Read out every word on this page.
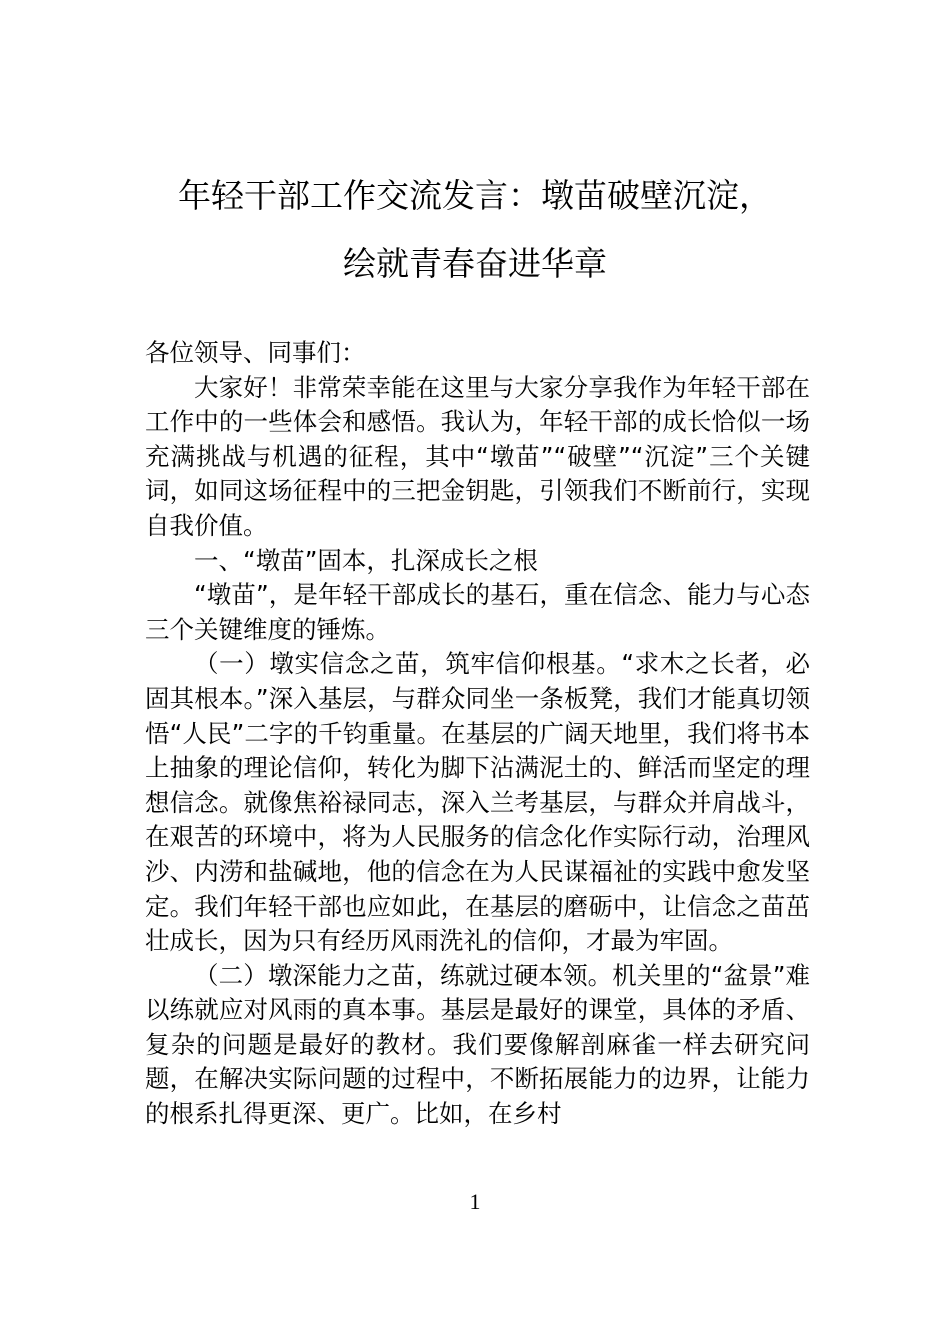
年轻干部工作交流发言：墩苗破壁沉淀，
绘就青春奋进华章

各位领导、同事们：

大家好！非常荣幸能在这里与大家分享我作为年轻干部在工作中的一些体会和感悟。我认为，年轻干部的成长恰似一场充满挑战与机遇的征程，其中“墩苗”“破壁”“沉淀”三个关键词，如同这场征程中的三把金钥匙，引领我们不断前行，实现自我价值。

一、“墩苗”固本，扎深成长之根

“墩苗”，是年轻干部成长的基石，重在信念、能力与心态三个关键维度的锤炼。

（一）墩实信念之苗，筑牢信仰根基。“求木之长者，必固其根本。”深入基层，与群众同坐一条板凳，我们才能真切领悟“人民”二字的千钧重量。在基层的广阔天地里，我们将书本上抽象的理论信仰，转化为脚下沾满泥土的、鲜活而坚定的理想信念。就像焦裕禄同志，深入兰考基层，与群众并肩战斗，在艰苦的环境中，将为人民服务的信念化作实际行动，治理风沙、内涝和盐碱地，他的信念在为人民谋福祉的实践中愈发坚定。我们年轻干部也应如此，在基层的磨砺中，让信念之苗茁壮成长，因为只有经历风雨洗礼的信仰，才最为牢固。

（二）墩深能力之苗，练就过硬本领。机关里的“盆景”难以练就应对风雨的真本事。基层是最好的课堂，具体的矛盾、复杂的问题是最好的教材。我们要像解剖麻雀一样去研究问题，在解决实际问题的过程中，不断拓展能力的边界，让能力的根系扎得更深、更广。比如，在乡村

1
